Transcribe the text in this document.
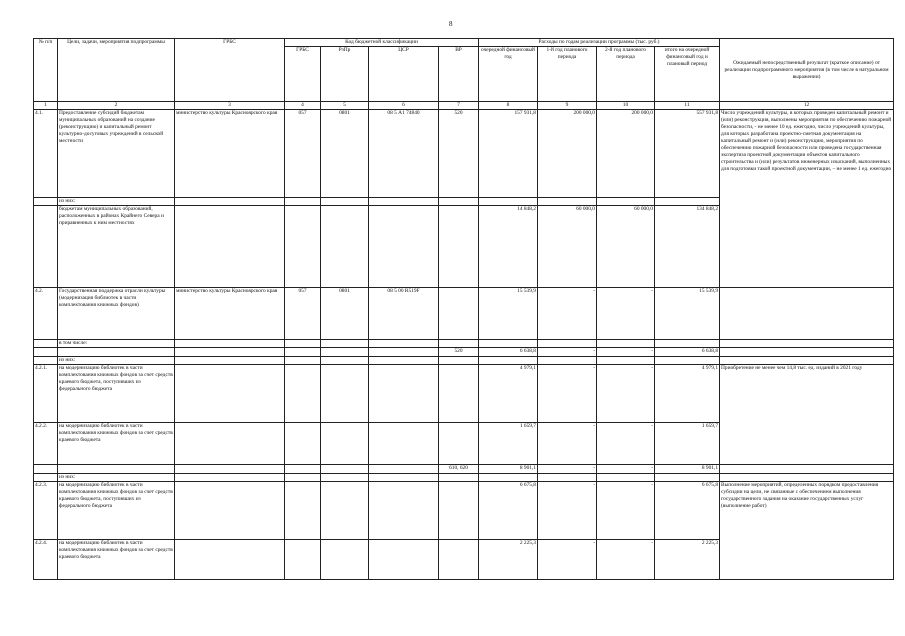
8
№ п/п	Цели, задачи, мероприятия подпрограммы	ГРБС	Код бюджетной классификации				Расходы по годам реализации программы (тыс. руб.)				Ожидаемый непосредственный результат (краткое описание) от реализации подпрограммного мероприятия (в том числе в натуральном выражении)
			ГРБС	РзПр	ЦСР	ВР	очередной финансовый год	1-й год планового периода	2-й год планового периода	итого на очередной финансовый год и плановый период	
1	2	3	4	5	6	7	8	9	10	11	12
4.1.	Предоставление субсидий бюджетам муниципальных образований на создание (реконструкцию) и капитальный ремонт культурно-досуговых учреждений в сельской местности	министерство культуры Красноярского края	057	0801	08 5 А1 74840	520	157 931,8	200 000,0	200 000,0	557 931,8	Число учреждений культуры, в которых проведен капитальный ремонт и (или) реконструкция, выполнены мероприятия по обеспечению пожарной безопасности, - не менее 10 ед. ежегодно, число учреждений культуры, для которых разработана проектно-сметная документация на капитальный ремонт и (или) реконструкцию, мероприятия по обеспечению пожарной безопасности или проведена государственная экспертиза проектной документации объектов капитального строительства и (или) результатов инженерных изысканий, выполненных для подготовки такой проектной документации, – не менее 1 ед. ежегодно
	из них:										
	бюджетам муниципальных образований, расположенных в районах Крайнего Севера и приравненных к ним местностях						14 848,2	60 000,0	60 000,0	134 848,2	
4.2.	Государственная поддержка отрасли культуры (модернизация библиотек в части комплектования книжных фондов)	министерство культуры Красноярского края	057	0801	08 5 00 R519F		15 539,9	-	-	15 539,9	
	в том числе:										
						520	6 638,8	-	-	6 638,8	
	из них:										
4.2.1.	на модернизацию библиотек в части комплектования книжных фондов за счет средств краевого бюджета, поступивших из федерального бюджета						4 979,1	-	-	4 979,1	Приобретение не менее чем 14,8 тыс. ед. изданий в 2021 году
4.2.2.	на модернизацию библиотек в части комплектования книжных фондов за счет средств краевого бюджета						1 659,7	-	-	1 659,7	
						610, 620	8 901,1	-	-	8 901,1	
	из них:										
4.2.3.	на модернизацию библиотек в части комплектования книжных фондов за счет средств краевого бюджета, поступивших из федерального бюджета						6 675,8	-	-	6 675,8	Выполнение мероприятий, определенных порядком предоставления субсидии на цели, не связанные с обеспечением выполнения государственного задания на оказание государственных услуг (выполнение работ)
4.2.4.	на модернизацию библиотек в части комплектования книжных фондов за счет средств краевого бюджета						2 225,3	-	-	2 225,3	
